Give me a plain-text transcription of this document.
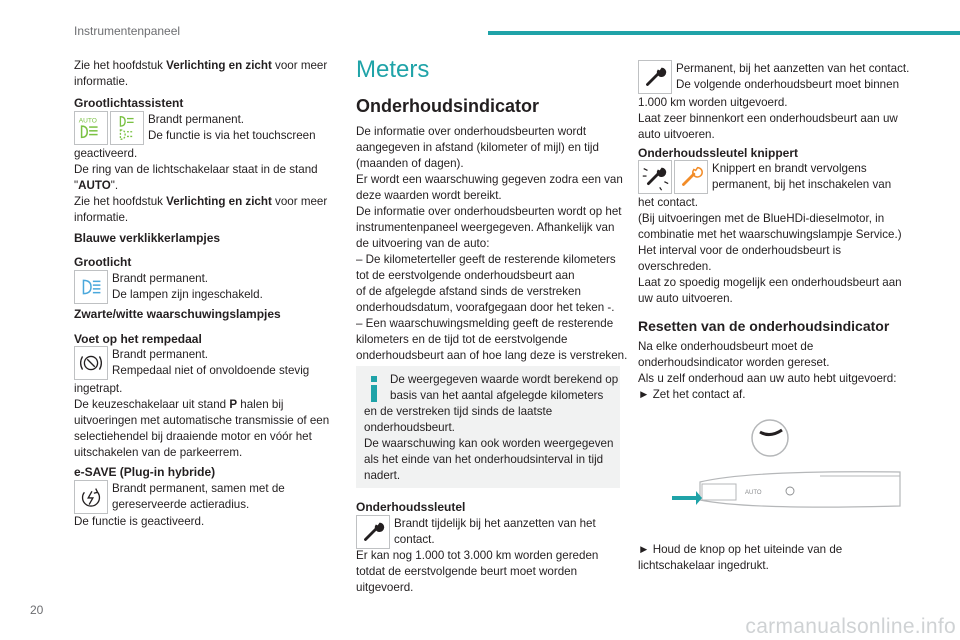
Instrumentenpaneel
Zie het hoofdstuk Verlichting en zicht voor meer
informatie.
Grootlichtassistent
AUTO	Brandt permanent.
De functie is via het touchscreen
geactiveerd.
De ring van de lichtschakelaar staat in de stand
"AUTO".
Zie het hoofdstuk Verlichting en zicht voor meer
informatie.
Blauwe verklikkerlampjes
Grootlicht
Brandt permanent.
De lampen zijn ingeschakeld.
Zwarte/witte waarschuwingslampjes
Voet op het rempedaal
Brandt permanent.
Rempedaal niet of onvoldoende stevig
ingetrapt.
De keuzeschakelaar uit stand P halen bij
uitvoeringen met automatische transmissie of een
selectiehendel bij draaiende motor en vóór het
uitschakelen van de parkeerrem.
e-SAVE (Plug-in hybride)
Brandt permanent, samen met de
gereserveerde actieradius.
De functie is geactiveerd.
Meters
Onderhoudsindicator
De informatie over onderhoudsbeurten wordt
aangegeven in afstand (kilometer of mijl) en tijd
(maanden of dagen).
Er wordt een waarschuwing gegeven zodra een van
deze waarden wordt bereikt.
De informatie over onderhoudsbeurten wordt op het
instrumentenpaneel weergegeven. Afhankelijk van
de uitvoering van de auto:
– De kilometerteller geeft de resterende kilometers
tot de eerstvolgende onderhoudsbeurt aan
of de afgelegde afstand sinds de verstreken
onderhoudsdatum, voorafgegaan door het teken -.
– Een waarschuwingsmelding geeft de resterende
kilometers en de tijd tot de eerstvolgende
onderhoudsbeurt aan of hoe lang deze is verstreken.
De weergegeven waarde wordt berekend op
basis van het aantal afgelegde kilometers
en de verstreken tijd sinds de laatste
onderhoudsbeurt.
De waarschuwing kan ook worden weergegeven
als het einde van het onderhoudsinterval in tijd
nadert.
Onderhoudssleutel
Brandt tijdelijk bij het aanzetten van het
contact.
Er kan nog 1.000 tot 3.000 km worden gereden
totdat de eerstvolgende beurt moet worden
uitgevoerd.
Permanent, bij het aanzetten van het contact.
De volgende onderhoudsbeurt moet binnen
1.000 km worden uitgevoerd.
Laat zeer binnenkort een onderhoudsbeurt aan uw
auto uitvoeren.
Onderhoudssleutel knippert
Knippert en brandt vervolgens
permanent, bij het inschakelen van
het contact.
(Bij uitvoeringen met de BlueHDi-dieselmotor, in
combinatie met het waarschuwingslampje Service.)
Het interval voor de onderhoudsbeurt is
overschreden.
Laat zo spoedig mogelijk een onderhoudsbeurt aan
uw auto uitvoeren.
Resetten van de onderhoudsindicator
Na elke onderhoudsbeurt moet de
onderhoudsindicator worden gereset.
Als u zelf onderhoud aan uw auto hebt uitgevoerd:
► Zet het contact af.
AUTO
► Houd de knop op het uiteinde van de
lichtschakelaar ingedrukt.
20
carmanualsonline.info
